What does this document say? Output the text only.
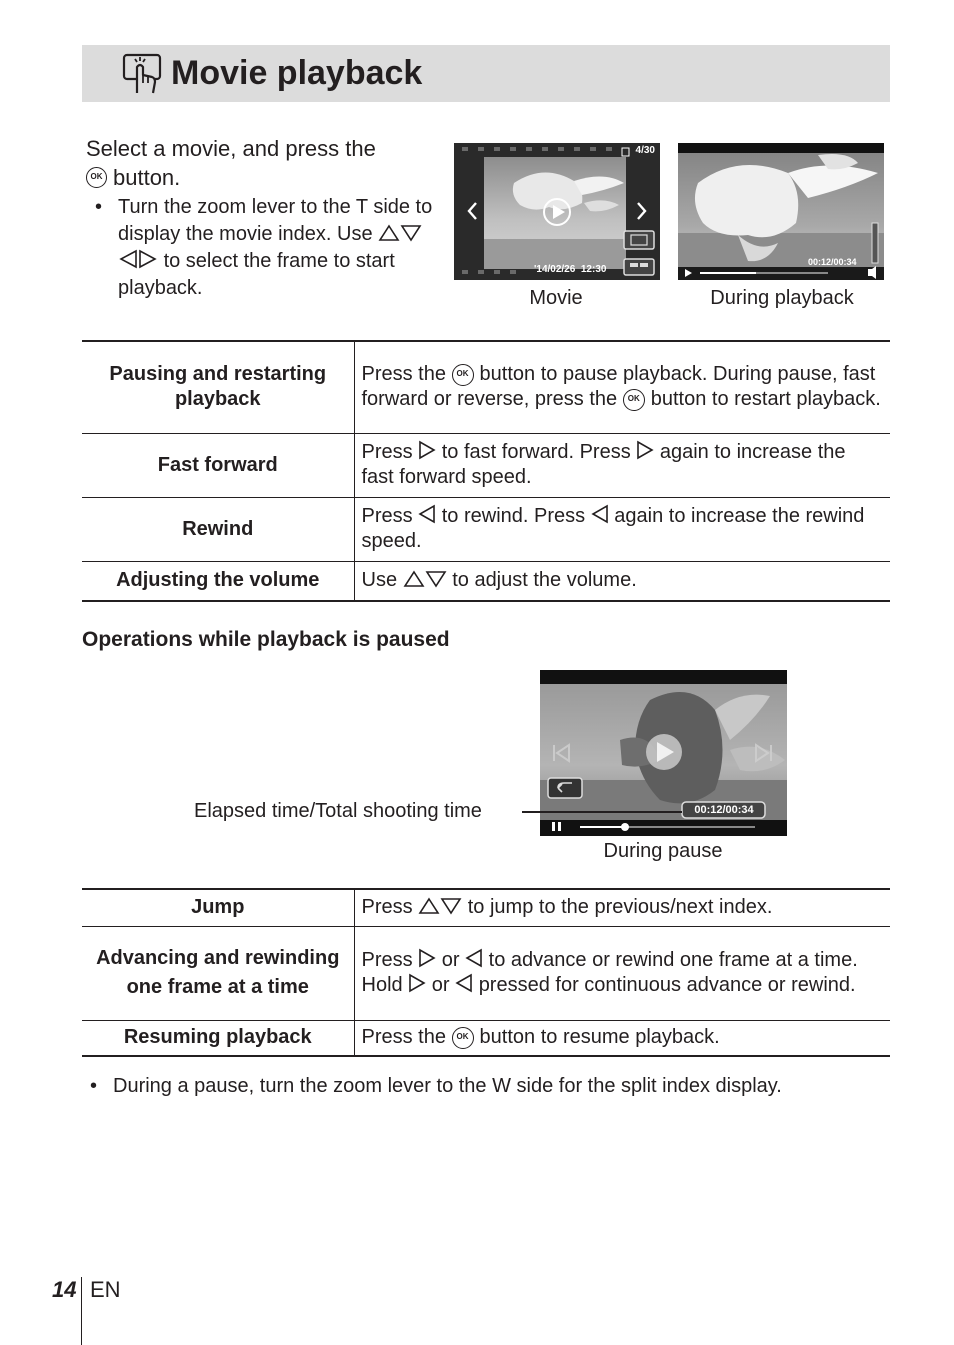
Movie playback
Select a movie, and press the
OK button.
• Turn the zoom lever to the T side to display the movie index. Use  to select the frame to start playback.
4/30
'14/02/26  12:30
Movie
00:12/00:34
During playback
Pausing and restarting playback	Press the OK button to pause playback. During pause, fast forward or reverse, press the OK button to restart playback.
Fast forward	Press to fast forward. Press again to increase the fast forward speed.
Rewind	Press to rewind. Press again to increase the rewind speed.
Adjusting the volume	Use to adjust the volume.
Operations while playback is paused
00:12/00:34
During pause
Elapsed time/Total shooting time
Jump	Press to jump to the previous/next index.
Advancing and rewinding one frame at a time	Press or to advance or rewind one frame at a time. Hold or pressed for continuous advance or rewind.
Resuming playback	Press the OK button to resume playback.
• During a pause, turn the zoom lever to the W side for the split index display.
14 EN
